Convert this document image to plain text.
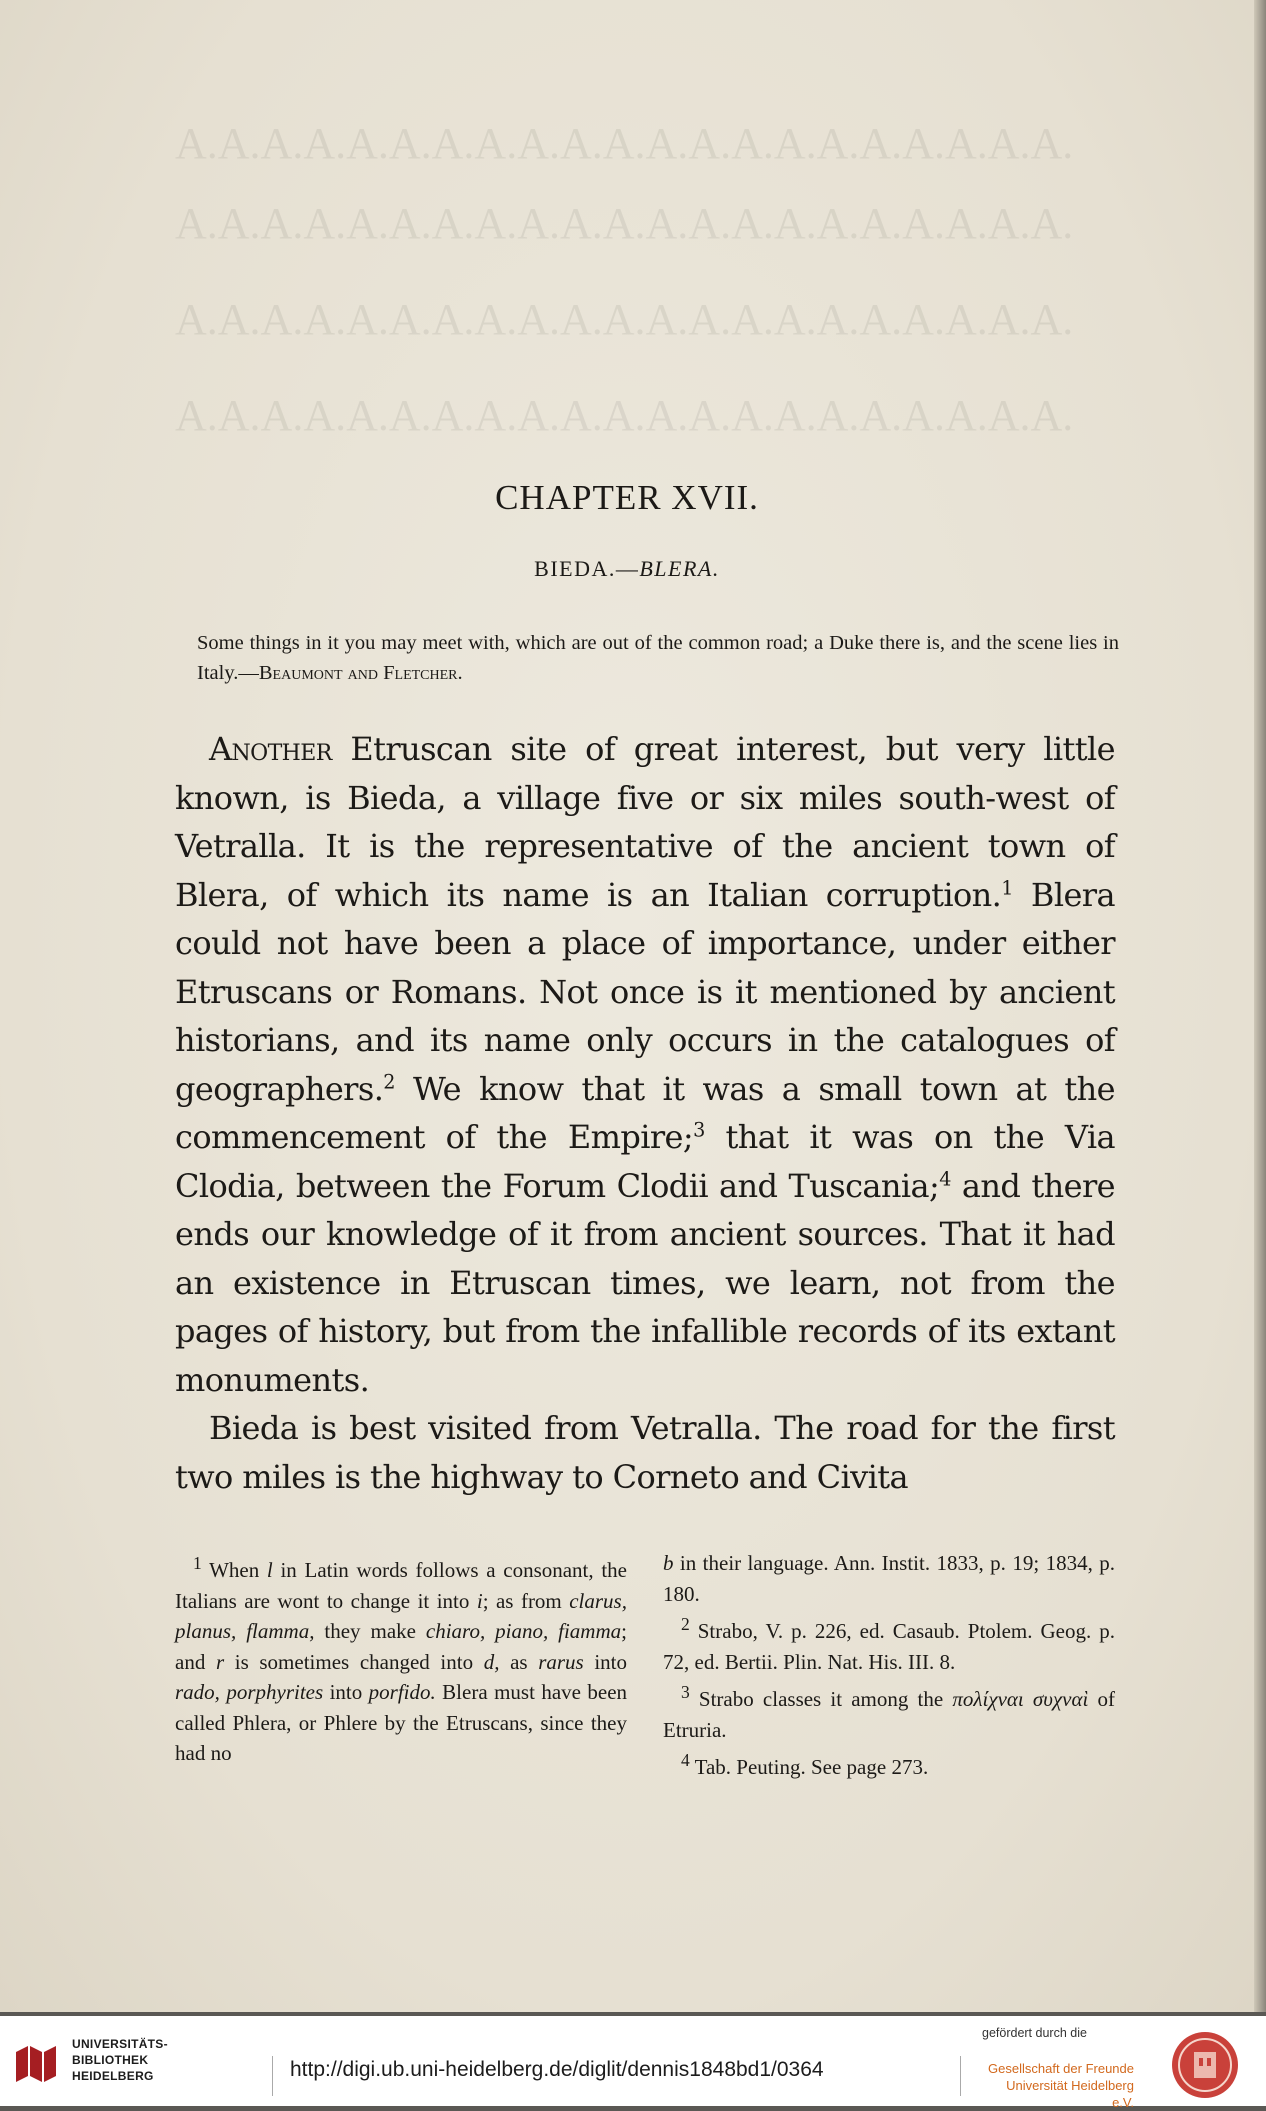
A.A.A.A.A.A.A.A.A.A.A.A.A.A.A.A.A.A.A.A.A.
A.A.A.A.A.A.A.A.A.A.A.A.A.A.A.A.A.A.A.A.A.
A.A.A.A.A.A.A.A.A.A.A.A.A.A.A.A.A.A.A.A.A.
A.A.A.A.A.A.A.A.A.A.A.A.A.A.A.A.A.A.A.A.A.
CHAPTER XVII.
BIEDA.—BLERA.
Some things in it you may meet with, which are out of the common road; a Duke there is, and the scene lies in Italy.—Beaumont and Fletcher.

Another Etruscan site of great interest, but very little known, is Bieda, a village five or six miles south-west of Vetralla. It is the representative of the ancient town of Blera, of which its name is an Italian corruption.$^1$ Blera could not have been a place of importance, under either Etruscans or Romans. Not once is it mentioned by ancient historians, and its name only occurs in the catalogues of geographers.$^2$ We know that it was a small town at the commencement of the Empire;$^3$ that it was on the Via Clodia, between the Forum Clodii and Tuscania;$^4$ and there ends our knowledge of it from ancient sources. That it had an existence in Etruscan times, we learn, not from the pages of history, but from the infallible records of its extant monuments.

Bieda is best visited from Vetralla. The road for the first two miles is the highway to Corneto and Civita

$^1$ When l in Latin words follows a consonant, the Italians are wont to change it into i; as from clarus, planus, flamma, they make chiaro, piano, fiamma; and r is sometimes changed into d, as rarus into rado, porphyrites into porfido. Blera must have been called Phlera, or Phlere by the Etruscans, since they had no

b in their language. Ann. Instit. 1833, p. 19; 1834, p. 180.

$^2$ Strabo, V. p. 226, ed. Casaub. Ptolem. Geog. p. 72, ed. Bertii. Plin. Nat. His. III. 8.

$^3$ Strabo classes it among the πολίχναι συχναὶ of Etruria.

$^4$ Tab. Peuting. See page 273.

UNIVERSITÄTS-
BIBLIOTHEK
HEIDELBERG	http://digi.ub.uni-heidelberg.de/diglit/dennis1848bd1/0364
gefördert durch die
Gesellschaft der Freunde
Universität Heidelberg e.V.
